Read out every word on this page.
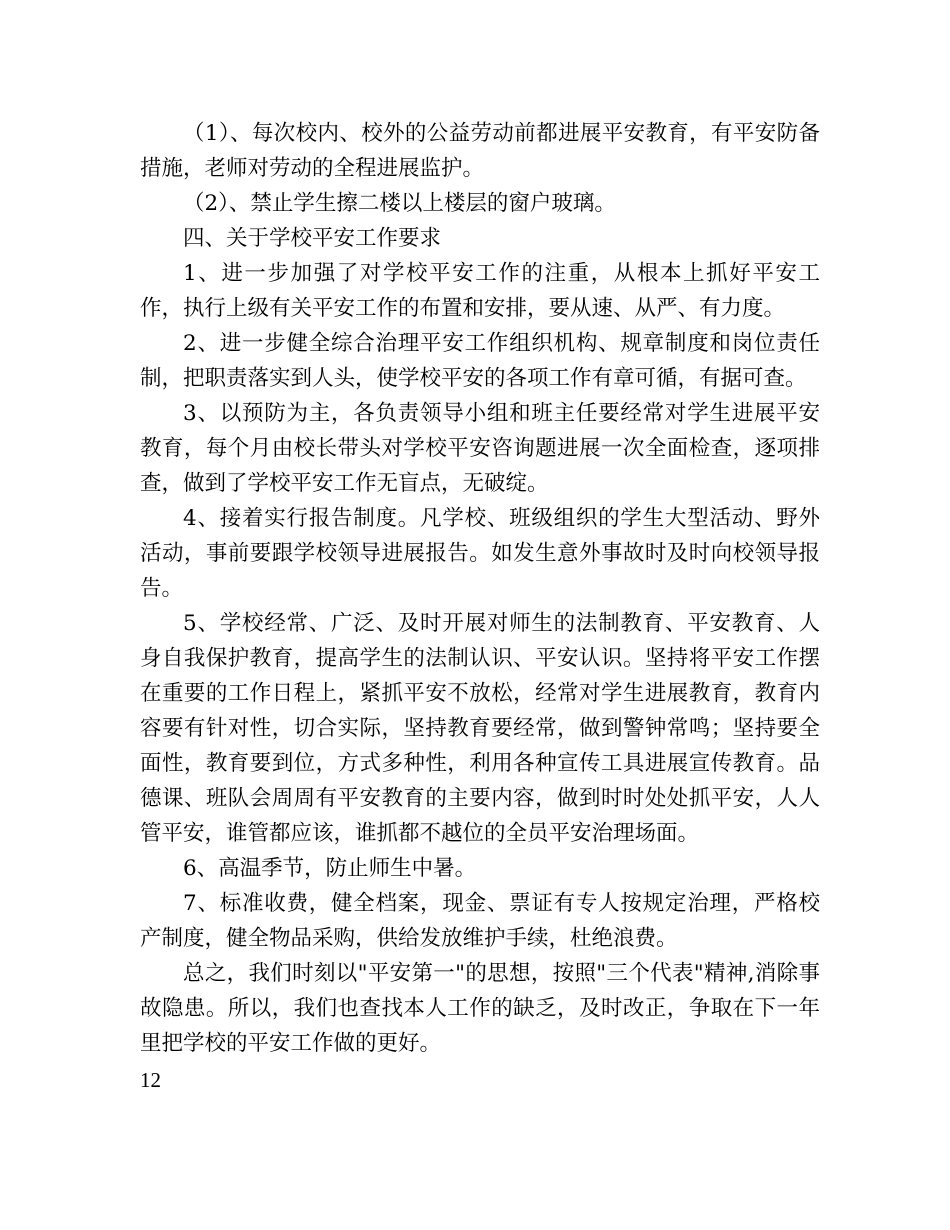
（1）、每次校内、校外的公益劳动前都进展平安教育，有平安防备措施，老师对劳动的全程进展监护。

（2）、禁止学生擦二楼以上楼层的窗户玻璃。

四、关于学校平安工作要求

1、进一步加强了对学校平安工作的注重，从根本上抓好平安工作，执行上级有关平安工作的布置和安排，要从速、从严、有力度。

2、进一步健全综合治理平安工作组织机构、规章制度和岗位责任制，把职责落实到人头，使学校平安的各项工作有章可循，有据可查。

3、以预防为主，各负责领导小组和班主任要经常对学生进展平安教育，每个月由校长带头对学校平安咨询题进展一次全面检查，逐项排查，做到了学校平安工作无盲点，无破绽。

4、接着实行报告制度。凡学校、班级组织的学生大型活动、野外活动，事前要跟学校领导进展报告。如发生意外事故时及时向校领导报告。

5、学校经常、广泛、及时开展对师生的法制教育、平安教育、人身自我保护教育，提高学生的法制认识、平安认识。坚持将平安工作摆在重要的工作日程上，紧抓平安不放松，经常对学生进展教育，教育内容要有针对性，切合实际，坚持教育要经常，做到警钟常鸣；坚持要全面性，教育要到位，方式多种性，利用各种宣传工具进展宣传教育。品德课、班队会周周有平安教育的主要内容，做到时时处处抓平安，人人管平安，谁管都应该，谁抓都不越位的全员平安治理场面。

6、高温季节，防止师生中暑。

7、标准收费，健全档案，现金、票证有专人按规定治理，严格校产制度，健全物品采购，供给发放维护手续，杜绝浪费。

总之，我们时刻以"平安第一"的思想，按照"三个代表"精神,消除事故隐患。所以，我们也查找本人工作的缺乏，及时改正，争取在下一年里把学校的平安工作做的更好。

12
